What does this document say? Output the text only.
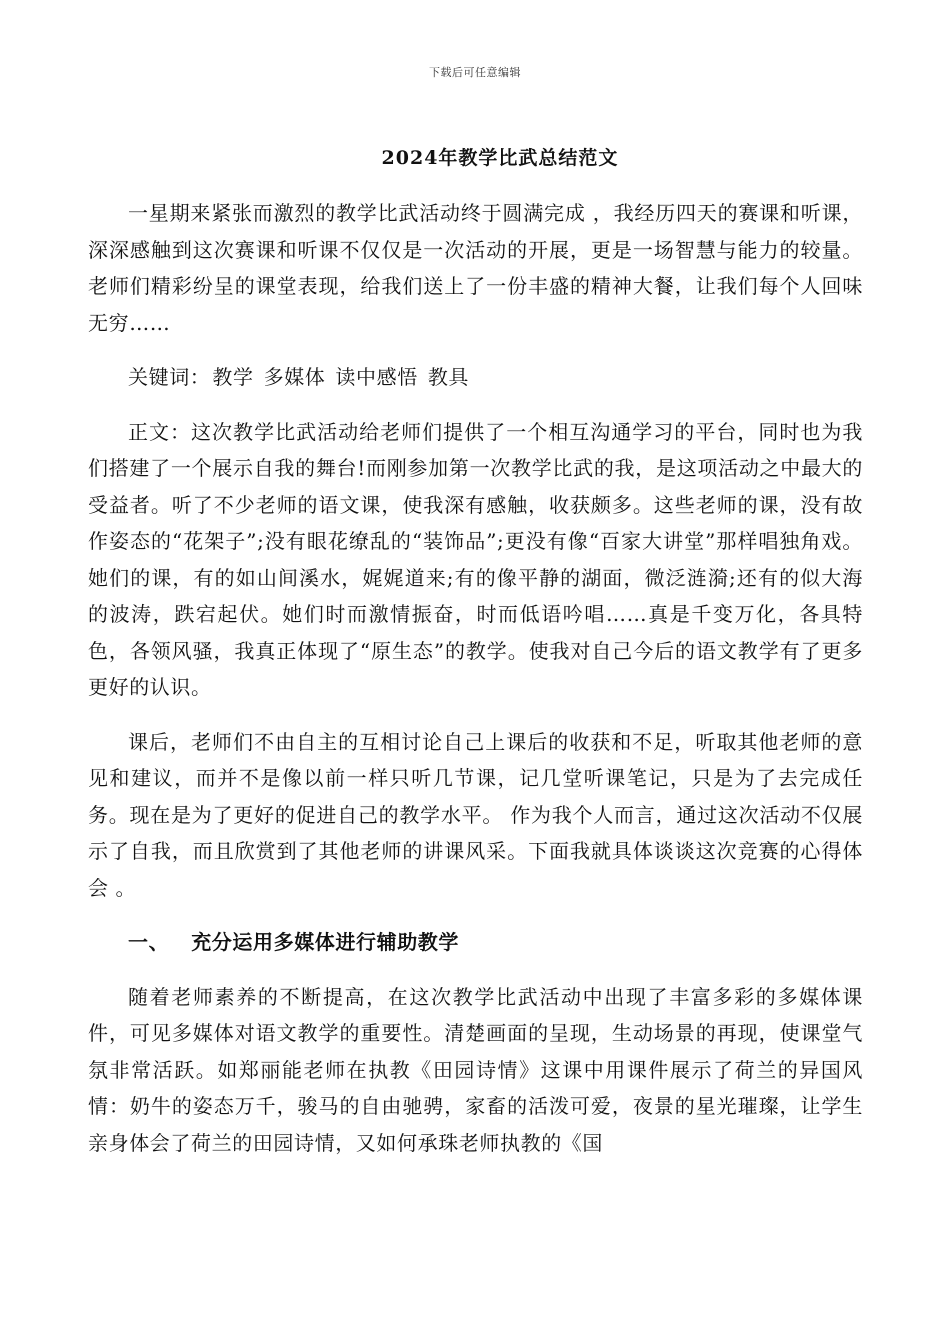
下载后可任意编辑
2024年教学比武总结范文

一星期来紧张而激烈的教学比武活动终于圆满完成 ，我经历四天的赛课和听课，深深感触到这次赛课和听课不仅仅是一次活动的开展，更是一场智慧与能力的较量。老师们精彩纷呈的课堂表现，给我们送上了一份丰盛的精神大餐，让我们每个人回味无穷……

关键词： 教学 多媒体 读中感悟 教具

正文：这次教学比武活动给老师们提供了一个相互沟通学习的平台，同时也为我们搭建了一个展示自我的舞台!而刚参加第一次教学比武的我，是这项活动之中最大的受益者。听了不少老师的语文课，使我深有感触，收获颇多。这些老师的课，没有故作姿态的“花架子”;没有眼花缭乱的“装饰品”;更没有像“百家大讲堂”那样唱独角戏。她们的课，有的如山间溪水，娓娓道来;有的像平静的湖面，微泛涟漪;还有的似大海的波涛，跌宕起伏。她们时而激情振奋，时而低语吟唱……真是千变万化，各具特色，各领风骚，我真正体现了“原生态”的教学。使我对自己今后的语文教学有了更多更好的认识。

课后，老师们不由自主的互相讨论自己上课后的收获和不足，听取其他老师的意见和建议，而并不是像以前一样只听几节课，记几堂听课笔记，只是为了去完成任务。现在是为了更好的促进自己的教学水平。 作为我个人而言，通过这次活动不仅展示了自我，而且欣赏到了其他老师的讲课风采。下面我就具体谈谈这次竞赛的心得体会 。

一、 充分运用多媒体进行辅助教学

随着老师素养的不断提高，在这次教学比武活动中出现了丰富多彩的多媒体课件，可见多媒体对语文教学的重要性。清楚画面的呈现，生动场景的再现，使课堂气氛非常活跃。如郑丽能老师在执教《田园诗情》这课中用课件展示了荷兰的异国风情：奶牛的姿态万千，骏马的自由驰骋，家畜的活泼可爱，夜景的星光璀璨，让学生亲身体会了荷兰的田园诗情，又如何承珠老师执教的《国
